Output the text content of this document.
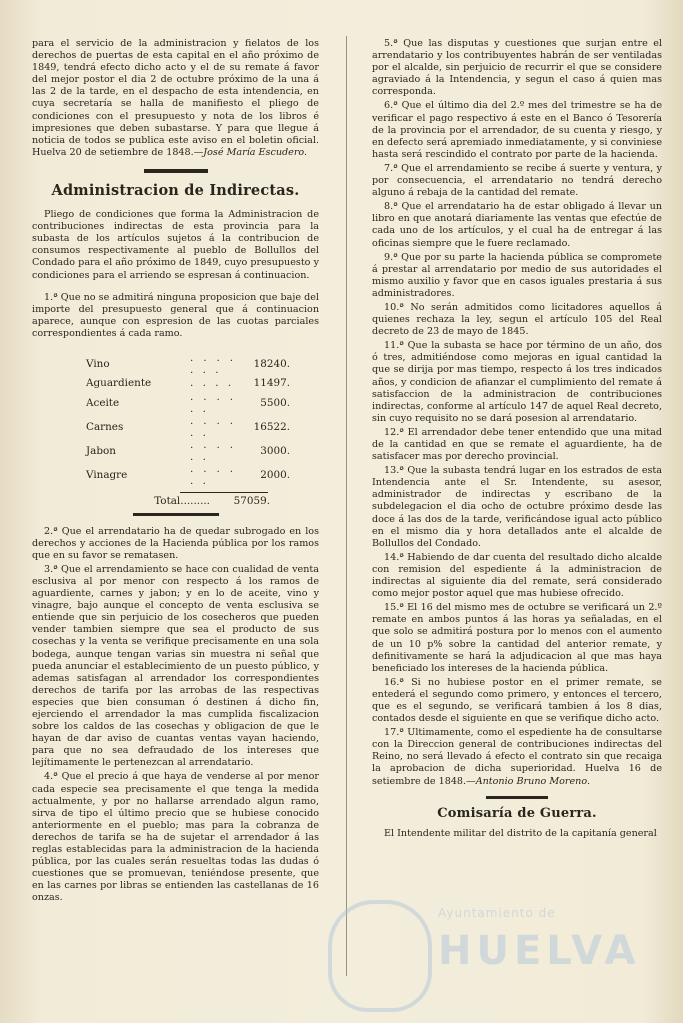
para el servicio de la administracion y fielatos de los derechos de puertas de esta capital en el año próximo de 1849, tendrá efecto dicho acto y el de su remate á favor del mejor postor el dia 2 de octubre próximo de la una á las 2 de la tarde, en el despacho de esta intendencia, en cuya secretaría se halla de manifiesto el pliego de condiciones con el presupuesto y nota de los libros é impresiones que deben subastarse. Y para que llegue á noticia de todos se publica este aviso en el boletin oficial. Huelva 20 de setiembre de 1848.—José María Escudero.

Administracion de Indirectas.

Pliego de condiciones que forma la Administracion de contribuciones indirectas de esta provincia para la subasta de los artículos sujetos á la contribucion de consumos respectivamente al pueblo de Bollullos del Condado para el año próximo de 1849, cuyo presupuesto y condiciones para el arriendo se espresan á continuacion.

1.ª Que no se admitirá ninguna proposicion que baje del importe del presupuesto general que á continuacion aparece, aunque con espresion de las cuotas parciales correspondientes á cada ramo.

Vino	. . . . . . .	18240.
Aguardiente	. . . .	11497.
Aceite	. . . . . .	5500.
Carnes	. . . . . .	16522.
Jabon	. . . . . .	3000.
Vinagre	. . . . . .	2000.
Total......... 57059.

2.ª Que el arrendatario ha de quedar subrogado en los derechos y acciones de la Hacienda pública por los ramos que en su favor se rematasen.

3.ª Que el arrendamiento se hace con cualidad de venta esclusiva al por menor con respecto á los ramos de aguardiente, carnes y jabon; y en lo de aceite, vino y vinagre, bajo aunque el concepto de venta esclusiva se entiende que sin perjuicio de los cosecheros que pueden vender tambien siempre que sea el producto de sus cosechas y la venta se verifique precisamente en una sola bodega, aunque tengan varias sin muestra ni señal que pueda anunciar el establecimiento de un puesto público, y ademas satisfagan al arrendador los correspondientes derechos de tarifa por las arrobas de las respectivas especies que bien consuman ó destinen á dicho fin, ejerciendo el arrendador la mas cumplida fiscalizacion sobre los caldos de las cosechas y obligacion de que le hayan de dar aviso de cuantas ventas vayan haciendo, para que no sea defraudado de los intereses que lejítimamente le pertenezcan al arrendatario.

4.ª Que el precio á que haya de venderse al por menor cada especie sea precisamente el que tenga la medida actualmente, y por no hallarse arrendado algun ramo, sirva de tipo el último precio que se hubiese conocido anteriormente en el pueblo; mas para la cobranza de derechos de tarifa se ha de sujetar el arrendador á las reglas establecidas para la administracion de la hacienda pública, por las cuales serán resueltas todas las dudas ó cuestiones que se promuevan, teniéndose presente, que en las carnes por libras se entienden las castellanas de 16 onzas.

5.ª Que las disputas y cuestiones que surjan entre el arrendatario y los contribuyentes habrán de ser ventiladas por el alcalde, sin perjuicio de recurrir el que se considere agraviado á la Intendencia, y segun el caso á quien mas corresponda.

6.ª Que el último dia del 2.º mes del trimestre se ha de verificar el pago respectivo á este en el Banco ó Tesorería de la provincia por el arrendador, de su cuenta y riesgo, y en defecto será apremiado inmediatamente, y si conviniese hasta será rescindido el contrato por parte de la hacienda.

7.ª Que el arrendamiento se recibe á suerte y ventura, y por consecuencia, el arrendatario no tendrá derecho alguno á rebaja de la cantidad del remate.

8.ª Que el arrendatario ha de estar obligado á llevar un libro en que anotará diariamente las ventas que efectúe de cada uno de los artículos, y el cual ha de entregar á las oficinas siempre que le fuere reclamado.

9.ª Que por su parte la hacienda pública se compromete á prestar al arrendatario por medio de sus autoridades el mismo auxilio y favor que en casos iguales prestaria á sus administradores.

10.ª No serán admitidos como licitadores aquellos á quienes rechaza la ley, segun el artículo 105 del Real decreto de 23 de mayo de 1845.

11.ª Que la subasta se hace por término de un año, dos ó tres, admitiéndose como mejoras en igual cantidad la que se dirija por mas tiempo, respecto á los tres indicados años, y condicion de afianzar el cumplimiento del remate á satisfaccion de la administracion de contribuciones indirectas, conforme al artículo 147 de aquel Real decreto, sin cuyo requisito no se dará posesion al arrendatario.

12.ª El arrendador debe tener entendido que una mitad de la cantidad en que se remate el aguardiente, ha de satisfacer mas por derecho provincial.

13.ª Que la subasta tendrá lugar en los estrados de esta Intendencia ante el Sr. Intendente, su asesor, administrador de indirectas y escribano de la subdelegacion el dia ocho de octubre próximo desde las doce á las dos de la tarde, verificándose igual acto público en el mismo dia y hora detallados ante el alcalde de Bollullos del Condado.

14.ª Habiendo de dar cuenta del resultado dicho alcalde con remision del espediente á la administracion de indirectas al siguiente dia del remate, será considerado como mejor postor aquel que mas hubiese ofrecido.

15.ª El 16 del mismo mes de octubre se verificará un 2.º remate en ambos puntos á las horas ya señaladas, en el que solo se admitirá postura por lo menos con el aumento de un 10 p% sobre la cantidad del anterior remate, y definitivamente se hará la adjudicacion al que mas haya beneficiado los intereses de la hacienda pública.

16.ª Si no hubiese postor en el primer remate, se entederá el segundo como primero, y entonces el tercero, que es el segundo, se verificará tambien á los 8 dias, contados desde el siguiente en que se verifique dicho acto.

17.ª Ultimamente, como el espediente ha de consultarse con la Direccion general de contribuciones indirectas del Reino, no será llevado á efecto el contrato sin que recaiga la aprobacion de dicha superioridad. Huelva 16 de setiembre de 1848.—Antonio Bruno Moreno.

Comisaría de Guerra.

El Intendente militar del distrito de la capitanía general

Ayuntamiento de
HUELVA
